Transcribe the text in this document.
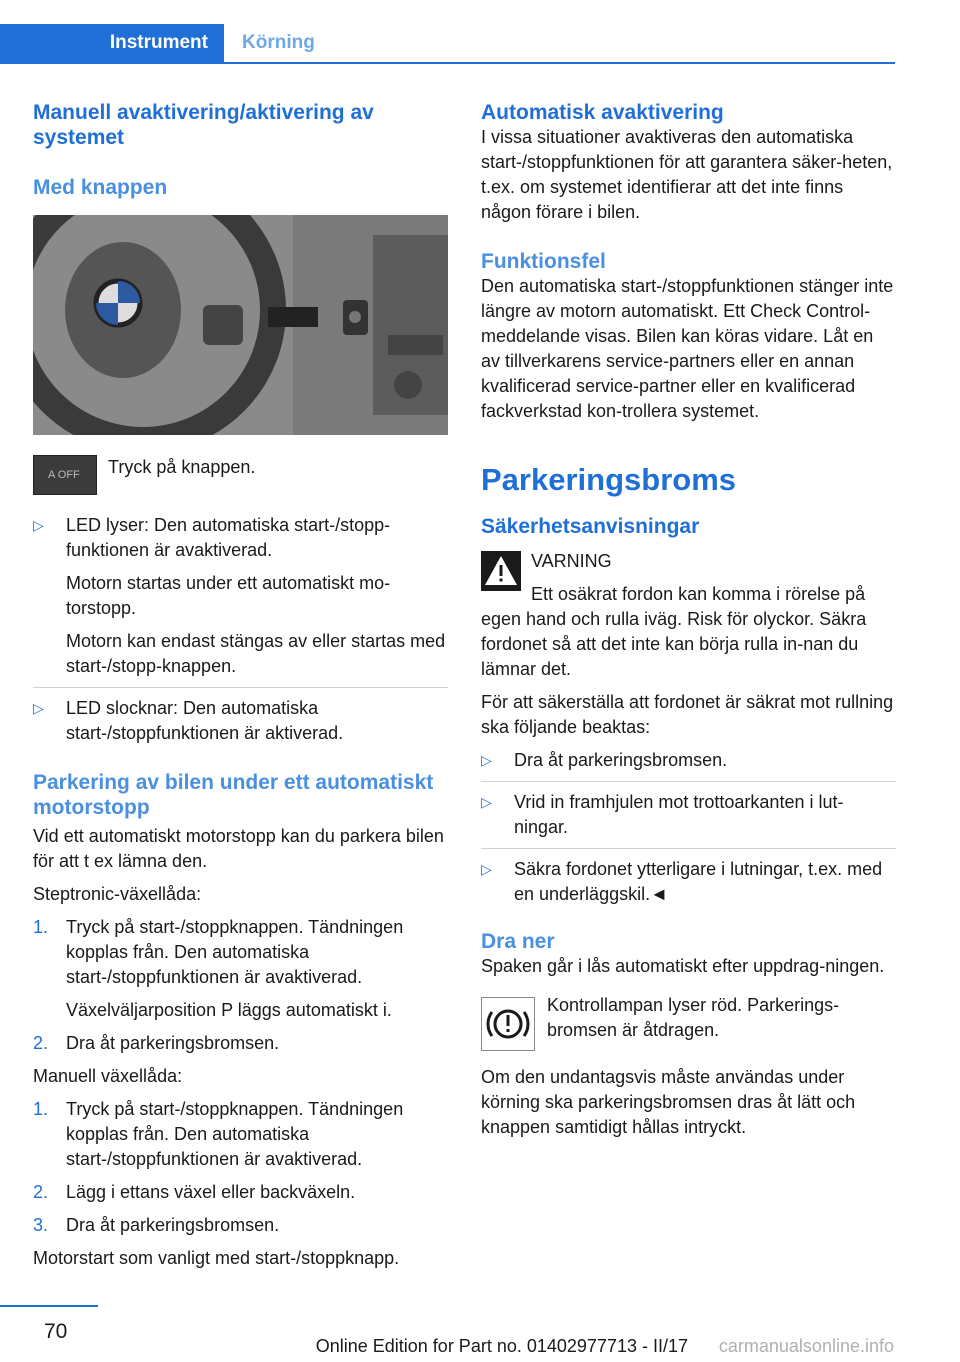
Instrument Körning

Manuell avaktivering/aktivering av systemet

Med knappen

A OFF Tryck på knappen.

▷ LED lyser: Den automatiska start-/stopp-funktionen är avaktiverad.

Motorn startas under ett automatiskt mo-torstopp.

Motorn kan endast stängas av eller startas med start-/stopp-knappen.

▷ LED slocknar: Den automatiska start-/stoppfunktionen är aktiverad.

Parkering av bilen under ett automatiskt motorstopp

Vid ett automatiskt motorstopp kan du parkera bilen för att t ex lämna den.

Steptronic-växellåda:

1. Tryck på start-/stoppknappen. Tändningen kopplas från. Den automatiska start-/stoppfunktionen är avaktiverad.

Växelväljarposition P läggs automatiskt i.

2. Dra åt parkeringsbromsen.

Manuell växellåda:

1. Tryck på start-/stoppknappen. Tändningen kopplas från. Den automatiska start-/stoppfunktionen är avaktiverad.

2. Lägg i ettans växel eller backväxeln.

3. Dra åt parkeringsbromsen.

Motorstart som vanligt med start-/stoppknapp.

Automatisk avaktivering

I vissa situationer avaktiveras den automatiska start-/stoppfunktionen för att garantera säker-heten, t.ex. om systemet identifierar att det inte finns någon förare i bilen.

Funktionsfel

Den automatiska start-/stoppfunktionen stänger inte längre av motorn automatiskt. Ett Check Control-meddelande visas. Bilen kan köras vidare. Låt en av tillverkarens service-partners eller en annan kvalificerad service-partner eller en kvalificerad fackverkstad kon-trollera systemet.

Parkeringsbroms

Säkerhetsanvisningar

VARNING

Ett osäkrat fordon kan komma i rörelse på egen hand och rulla iväg. Risk för olyckor. Säkra fordonet så att det inte kan börja rulla in-nan du lämnar det.

För att säkerställa att fordonet är säkrat mot rullning ska följande beaktas:

▷ Dra åt parkeringsbromsen.

▷ Vrid in framhjulen mot trottoarkanten i lut-ningar.

▷ Säkra fordonet ytterligare i lutningar, t.ex. med en underläggskil.◄

Dra ner

Spaken går i lås automatiskt efter uppdrag-ningen.

Kontrollampan lyser röd. Parkerings-bromsen är åtdragen.

Om den undantagsvis måste användas under körning ska parkeringsbromsen dras åt lätt och knappen samtidigt hållas intryckt.

70
Online Edition for Part no. 01402977713 - II/17 carmanualsonline.info
